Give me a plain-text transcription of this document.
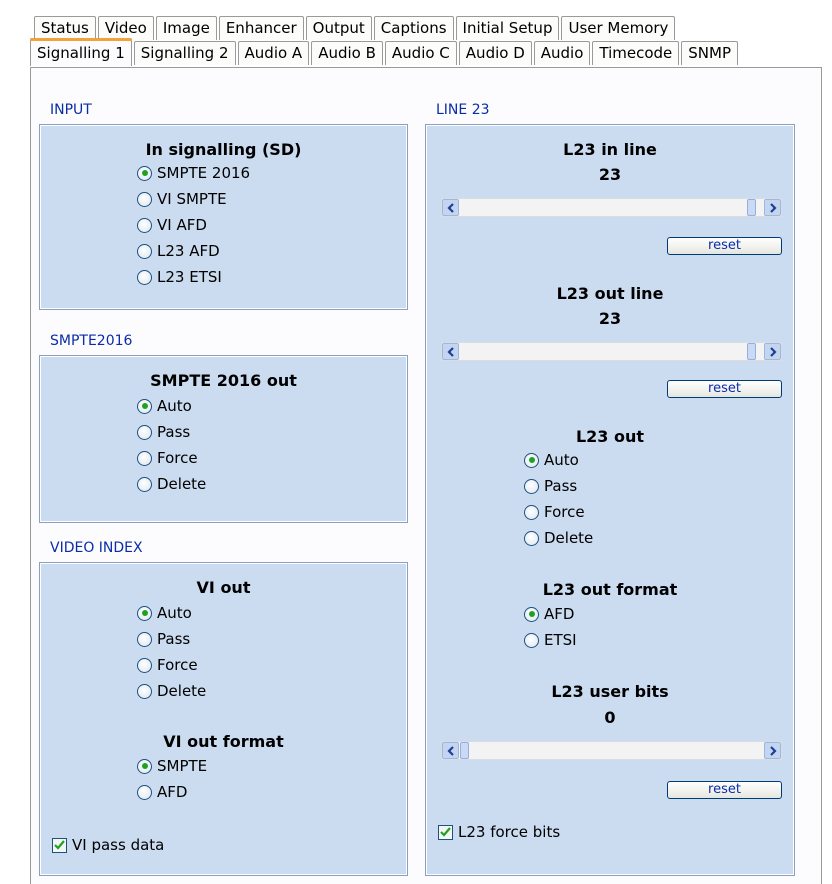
Status	Video	Image	Enhancer	Output	Captions	Initial Setup	User Memory
Signalling 1	Signalling 2	Audio A	Audio B	Audio C	Audio D	Audio	Timecode	SNMP
INPUT
In signalling (SD)
SMPTE 2016
VI SMPTE
VI AFD
L23 AFD
L23 ETSI
SMPTE2016
SMPTE 2016 out
Auto
Pass
Force
Delete
VIDEO INDEX
VI out
Auto
Pass
Force
Delete
VI out format
SMPTE
AFD
VI pass data
LINE 23
L23 in line
23
reset
L23 out line
23
reset
L23 out
Auto
Pass
Force
Delete
L23 out format
AFD
ETSI
L23 user bits
0
reset
L23 force bits
